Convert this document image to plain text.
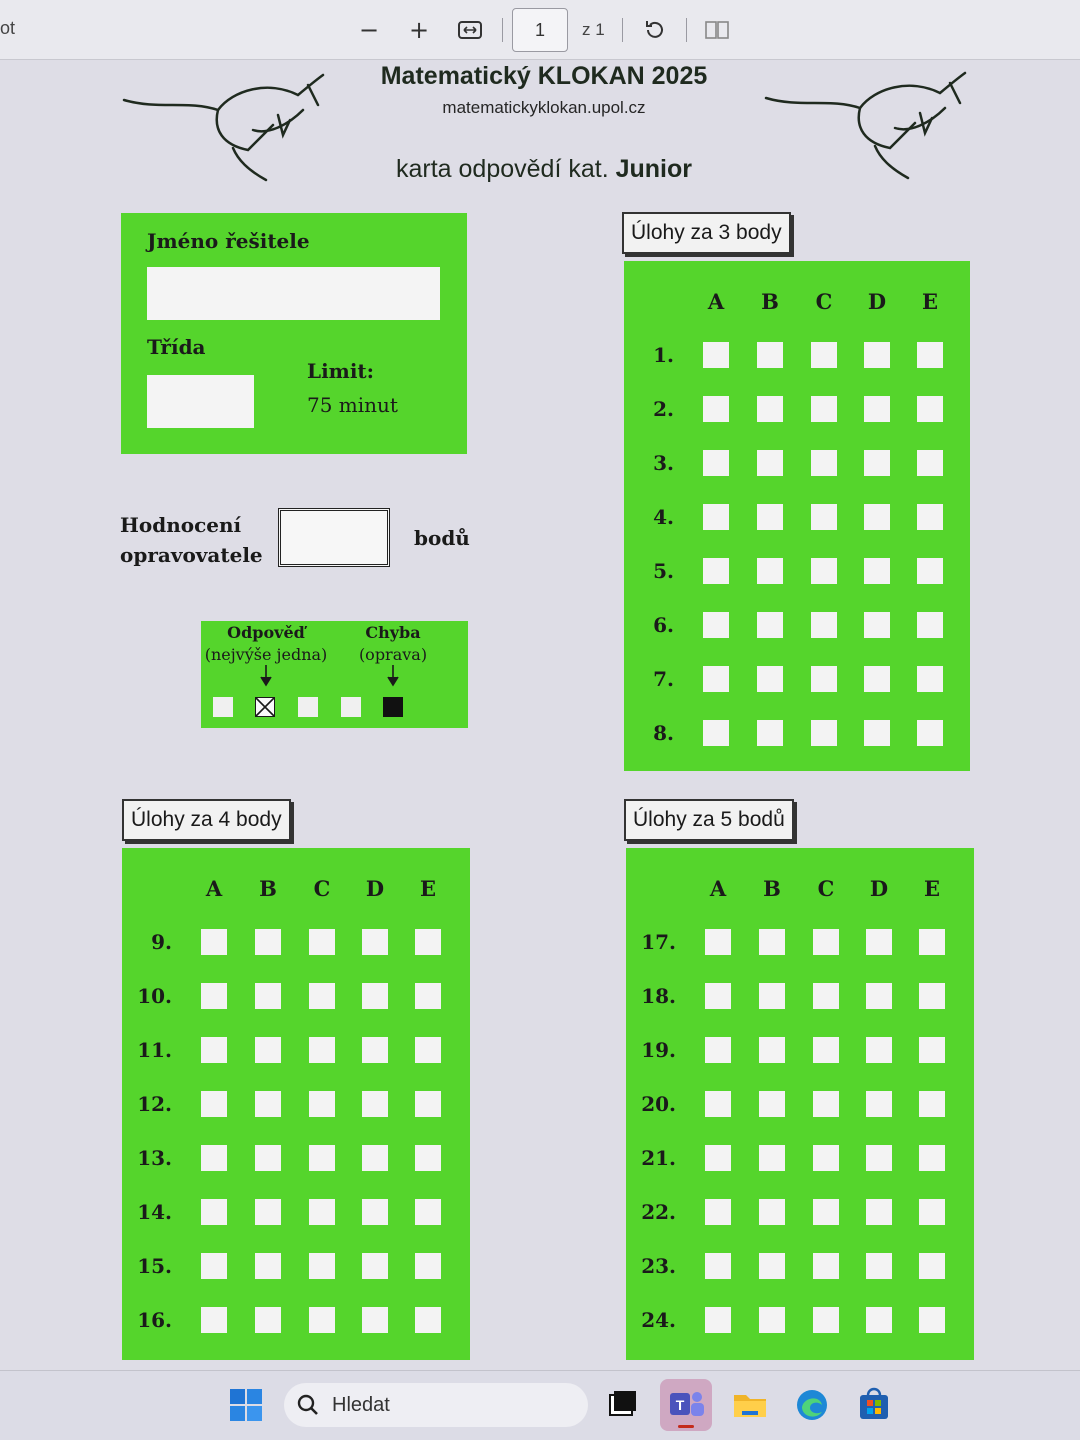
ot	− +	1	z 1
Matematický KLOKAN 2025
matematickyklokan.upol.cz
karta odpovědí kat. Junior
Jméno řešitele
Třída
Limit:
75 minut
Hodnocení
opravovatele
bodů
Odpověď
(nejvýše jedna)
Chyba
(oprava)
Úlohy za 3 body
Úlohy za 4 body	Úlohy za 5 bodů
A	B	C	D	E
1.
2.
3.
4.
5.
6.
7.
8.
A	B	C	D	E
9.
10.
11.
12.
13.
14.
15.
16.
A	B	C	D	E
17.
18.
19.
20.
21.
22.
23.
24.
Hledat	T
